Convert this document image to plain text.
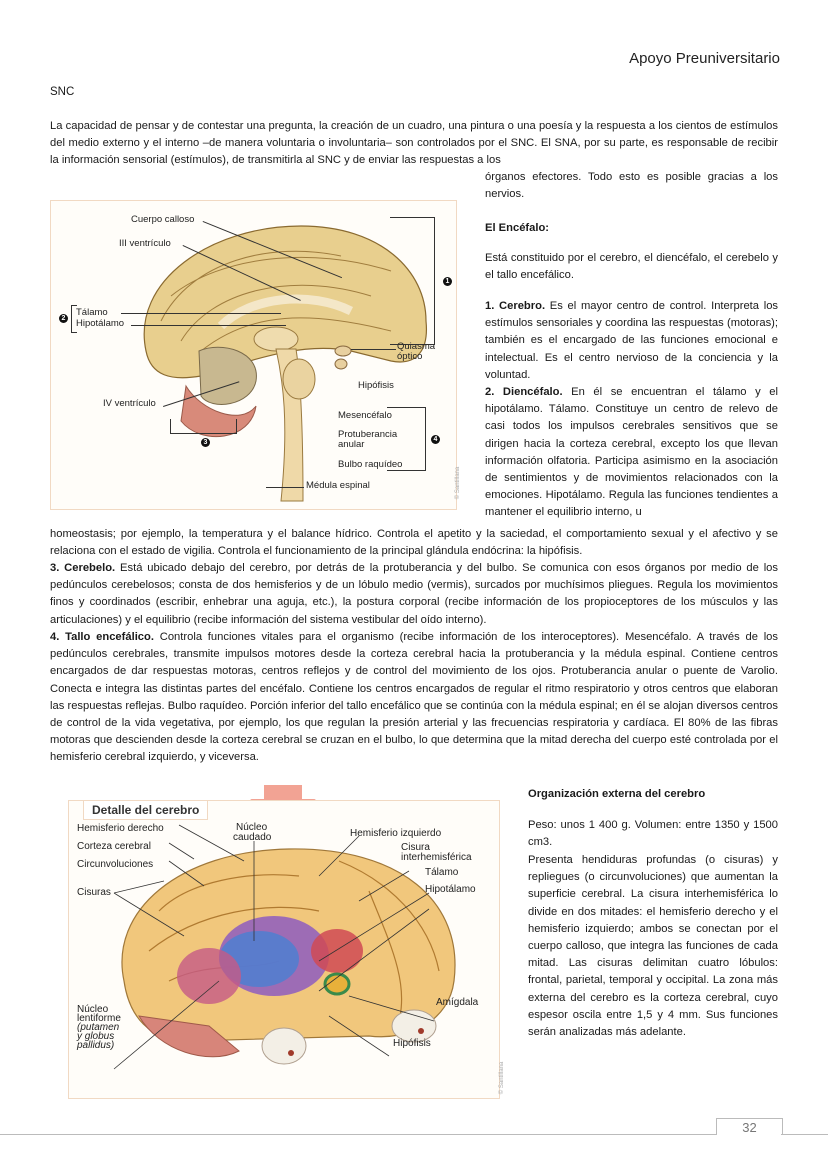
Apoyo Preuniversitario
SNC
La capacidad de pensar y de contestar una pregunta, la creación de un cuadro, una pintura o una poesía y la respuesta a los cientos de estímulos del medio externo y el interno –de manera voluntaria o involuntaria– son controlados por el SNC. El SNA, por su parte, es responsable de recibir la información sensorial (estímulos), de transmitirla al SNC y de enviar las respuestas a los
órganos efectores. Todo esto es posible gracias a los nervios.
El Encéfalo:
Está constituido por el cerebro, el diencéfalo, el cerebelo y el tallo encefálico.
1. Cerebro. Es el mayor centro de control. Interpreta los estímulos sensoriales y coordina las respuestas (motoras); también es el encargado de las funciones emocional e intelectual. Es el centro nervioso de la conciencia y la voluntad.
2. Diencéfalo. En él se encuentran el tálamo y el hipotálamo. Tálamo. Constituye un centro de relevo de casi todos los impulsos cerebrales sensitivos que se dirigen hacia la corteza cerebral, excepto los que llevan información olfatoria. Participa asimismo en la asociación de sentimientos y de movimientos relacionados con la emociones. Hipotálamo. Regula las funciones tendientes a mantener el equilibrio interno, u
homeostasis; por ejemplo, la temperatura y el balance hídrico. Controla el apetito y la saciedad, el comportamiento sexual y el afectivo y se relaciona con el estado de vigilia. Controla el funcionamiento de la principal glándula endócrina: la hipófisis.
3. Cerebelo. Está ubicado debajo del cerebro, por detrás de la protuberancia y del bulbo. Se comunica con esos órganos por medio de los pedúnculos cerebelosos; consta de dos hemisferios y de un lóbulo medio (vermis), surcados por muchísimos pliegues. Regula los movimientos finos y coordinados (escribir, enhebrar una aguja, etc.), la postura corporal (recibe información de los propioceptores de los músculos y las articulaciones) y el equilibrio (recibe información del sistema vestibular del oído interno).
4. Tallo encefálico. Controla funciones vitales para el organismo (recibe información de los interoceptores). Mesencéfalo. A través de los pedúnculos cerebrales, transmite impulsos motores desde la corteza cerebral hacia la protuberancia y la médula espinal. Contiene centros encargados de dar respuestas motoras, centros reflejos y de control del movimiento de los ojos. Protuberancia anular o puente de Varolio. Conecta e integra las distintas partes del encéfalo. Contiene los centros encargados de regular el ritmo respiratorio y otros centros que elaboran las respuestas reflejas. Bulbo raquídeo. Porción inferior del tallo encefálico que se continúa con la médula espinal; en él se alojan diversos centros de control de la vida vegetativa, por ejemplo, los que regulan la presión arterial y las frecuencias respiratoria y cardíaca. El 80% de las fibras motoras que descienden desde la corteza cerebral se cruzan en el bulbo, lo que determina que la mitad derecha del cuerpo esté controlada por el hemisferio cerebral izquierdo, y viceversa.
Cuerpo calloso
III ventrículo
Tálamo
Hipotálamo
Quiasma
óptico
Hipófisis
IV ventrículo
Mesencéfalo
Protuberancia
anular
Bulbo raquídeo
Médula espinal
1
2
3	4
© Santillana
Organización externa del cerebro
Peso: unos 1 400 g. Volumen: entre 1350 y 1500 cm3.
Presenta hendiduras profundas (o cisuras) y repliegues (o circunvoluciones) que aumentan la superficie cerebral. La cisura interhemisférica lo divide en dos mitades: el hemisferio derecho y el hemisferio izquierdo; ambos se conectan por el cuerpo calloso, que integra las funciones de cada mitad. Las cisuras delimitan cuatro lóbulos: frontal, parietal, temporal y occipital. La zona más externa del cerebro es la corteza cerebral, cuyo espesor oscila entre 1,5 y 4 mm. Sus funciones serán analizadas más adelante.
Detalle del cerebro
Hemisferio derecho
Corteza cerebral
Circunvoluciones
Cisuras
Núcleo
caudado	Hemisferio izquierdo
Cisura
interhemisférica
Tálamo
Hipotálamo
Amígdala
Núcleo
lentiforme
(putamen
y globus
pallidus)	Hipófisis
© Santillana
32
